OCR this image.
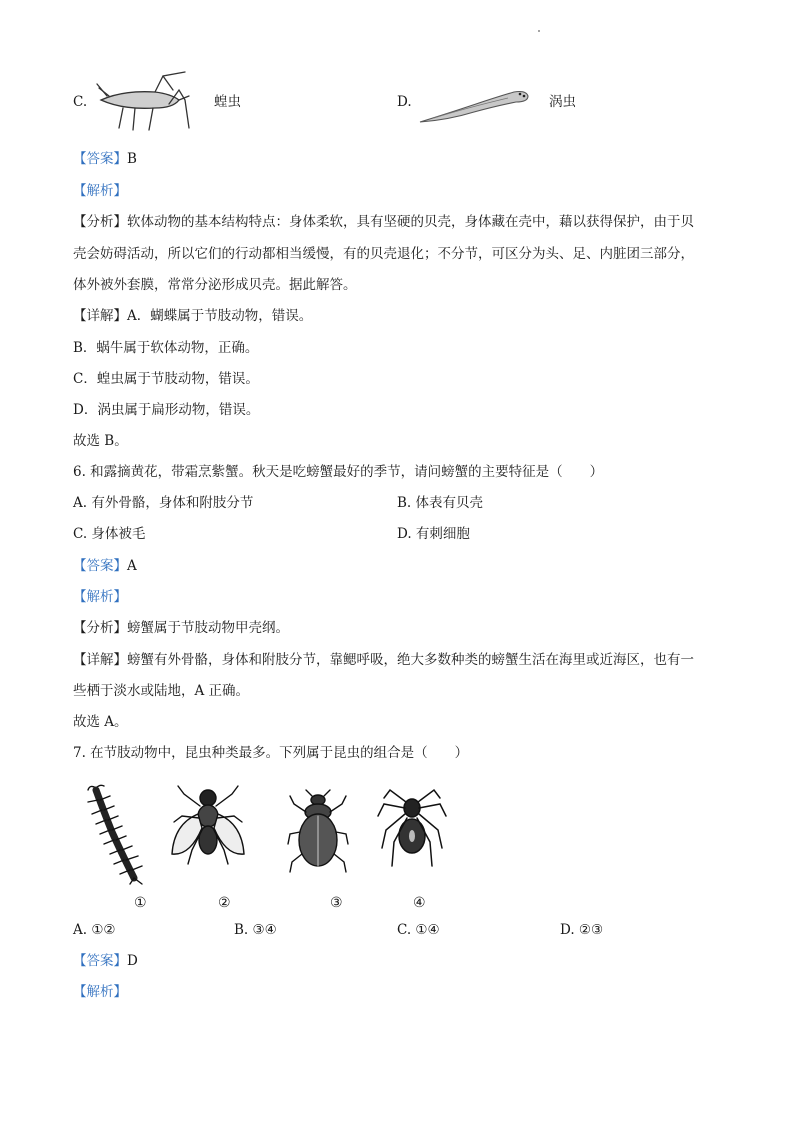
C.	蝗虫	D.	涡虫
【答案】B
【解析】
【分析】软体动物的基本结构特点：身体柔软，具有坚硬的贝壳，身体藏在壳中，藉以获得保护，由于贝
壳会妨碍活动，所以它们的行动都相当缓慢，有的贝壳退化；不分节，可区分为头、足、内脏团三部分，
体外被外套膜，常常分泌形成贝壳。据此解答。
【详解】A．蝴蝶属于节肢动物，错误。
B．蜗牛属于软体动物，正确。
C．蝗虫属于节肢动物，错误。
D．涡虫属于扁形动物，错误。
故选 B。
6. 和露摘黄花，带霜烹紫蟹。秋天是吃螃蟹最好的季节，请问螃蟹的主要特征是（　　）
A. 有外骨骼，身体和附肢分节	B. 体表有贝壳
C. 身体被毛	D. 有刺细胞
【答案】A
【解析】
【分析】螃蟹属于节肢动物甲壳纲。
【详解】螃蟹有外骨骼，身体和附肢分节，靠鳃呼吸，绝大多数种类的螃蟹生活在海里或近海区，也有一
些栖于淡水或陆地，A 正确。
故选 A。
7. 在节肢动物中，昆虫种类最多。下列属于昆虫的组合是（　　）
①	②	③	④
A. ①②	B. ③④	C. ①④	D. ②③
【答案】D
【解析】
